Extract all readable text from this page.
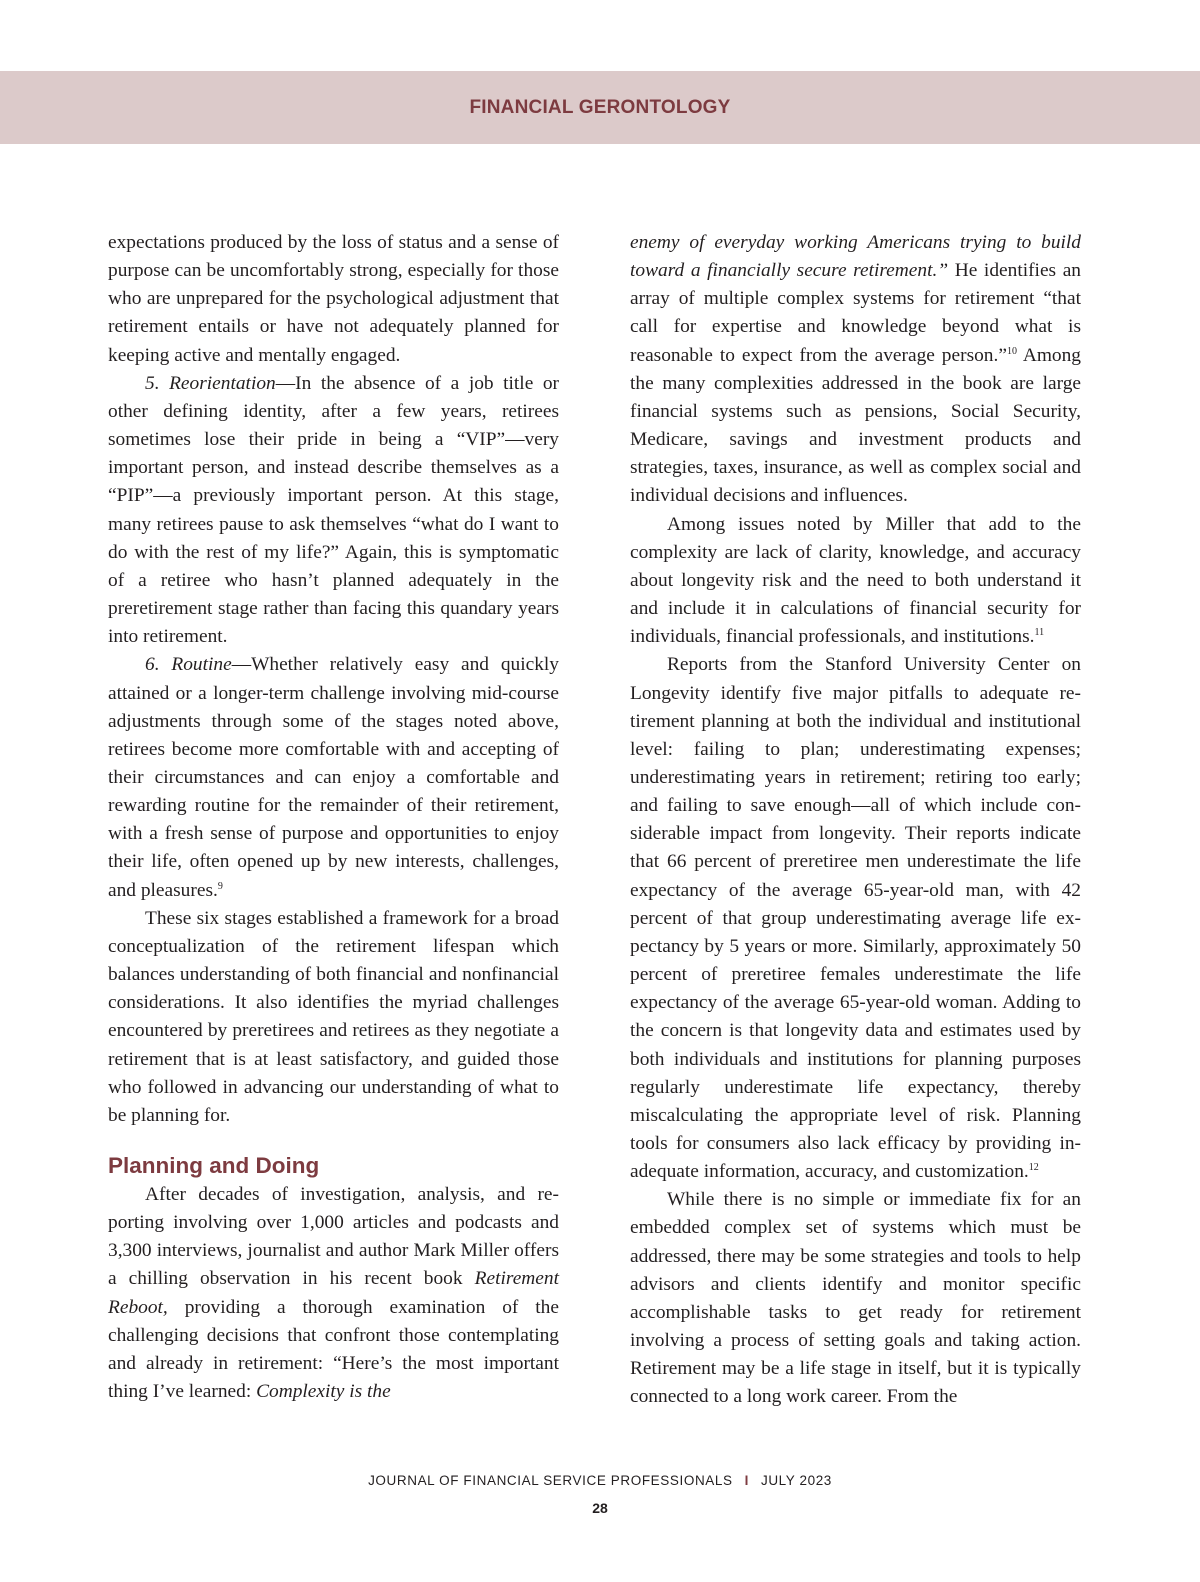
FINANCIAL GERONTOLOGY

expectations produced by the loss of status and a sense of purpose can be uncomfortably strong, especially for those who are unprepared for the psychological adjustment that retirement entails or have not adequately planned for keeping active and mentally engaged.

5. Reorientation—In the absence of a job title or other defining identity, after a few years, retirees sometimes lose their pride in being a “VIP”—very important person, and instead describe themselves as a “PIP”—a previously important person. At this stage, many retirees pause to ask themselves “what do I want to do with the rest of my life?” Again, this is symptomatic of a retiree who hasn’t planned adequately in the preretirement stage rather than facing this quandary years into retirement.

6. Routine—Whether relatively easy and quickly attained or a longer-term challenge involving mid-course adjustments through some of the stages noted above, retirees become more comfortable with and accepting of their circumstances and can enjoy a comfortable and rewarding routine for the remainder of their retirement, with a fresh sense of purpose and opportunities to enjoy their life, often opened up by new interests, challenges, and pleasures.$^9$

These six stages established a framework for a broad conceptualization of the retirement lifespan which balances understanding of both financial and nonfinancial considerations. It also identifies the myriad challenges encountered by preretirees and retirees as they negotiate a retirement that is at least satisfactory, and guided those who followed in advancing our understanding of what to be planning for.

Planning and Doing

After decades of investigation, analysis, and reporting involving over 1,000 articles and podcasts and 3,300 interviews, journalist and author Mark Miller offers a chilling observation in his recent book Retirement Reboot, providing a thorough examination of the challenging decisions that confront those contemplating and already in retirement: “Here’s the most important thing I’ve learned: Complexity is the

enemy of everyday working Americans trying to build toward a financially secure retirement.” He identifies an array of multiple complex systems for retirement “that call for expertise and knowledge beyond what is reasonable to expect from the average person.”$^{10}$ Among the many complexities addressed in the book are large financial systems such as pensions, Social Security, Medicare, savings and investment products and strategies, taxes, insurance, as well as complex social and individual decisions and influences.

Among issues noted by Miller that add to the complexity are lack of clarity, knowledge, and accuracy about longevity risk and the need to both understand it and include it in calculations of financial security for individuals, financial professionals, and institutions.$^{11}$

Reports from the Stanford University Center on Longevity identify five major pitfalls to adequate retirement planning at both the individual and institutional level: failing to plan; underestimating expenses; underestimating years in retirement; retiring too early; and failing to save enough—all of which include considerable impact from longevity. Their reports indicate that 66 percent of preretiree men underestimate the life expectancy of the average 65-year-old man, with 42 percent of that group underestimating average life expectancy by 5 years or more. Similarly, approximately 50 percent of preretiree females underestimate the life expectancy of the average 65-year-old woman. Adding to the concern is that longevity data and estimates used by both individuals and institutions for planning purposes regularly underestimate life expectancy, thereby miscalculating the appropriate level of risk. Planning tools for consumers also lack efficacy by providing inadequate information, accuracy, and customization.$^{12}$

While there is no simple or immediate fix for an embedded complex set of systems which must be addressed, there may be some strategies and tools to help advisors and clients identify and monitor specific accomplishable tasks to get ready for retirement involving a process of setting goals and taking action. Retirement may be a life stage in itself, but it is typically connected to a long work career. From the

JOURNAL OF FINANCIAL SERVICE PROFESSIONALS I JULY 2023
28
